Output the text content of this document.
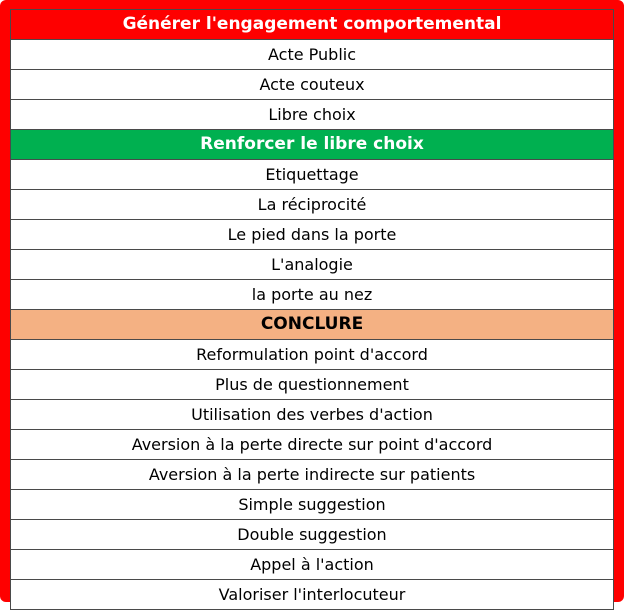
Générer l'engagement comportemental
Acte Public
Acte couteux
Libre choix
Renforcer le libre choix
Etiquettage
La réciprocité
Le pied dans la porte
L'analogie
la porte au nez
CONCLURE
Reformulation point d'accord
Plus de questionnement
Utilisation des verbes d'action
Aversion à la perte directe sur point d'accord
Aversion à la perte indirecte sur patients
Simple suggestion
Double suggestion
Appel à l'action
Valoriser l'interlocuteur
